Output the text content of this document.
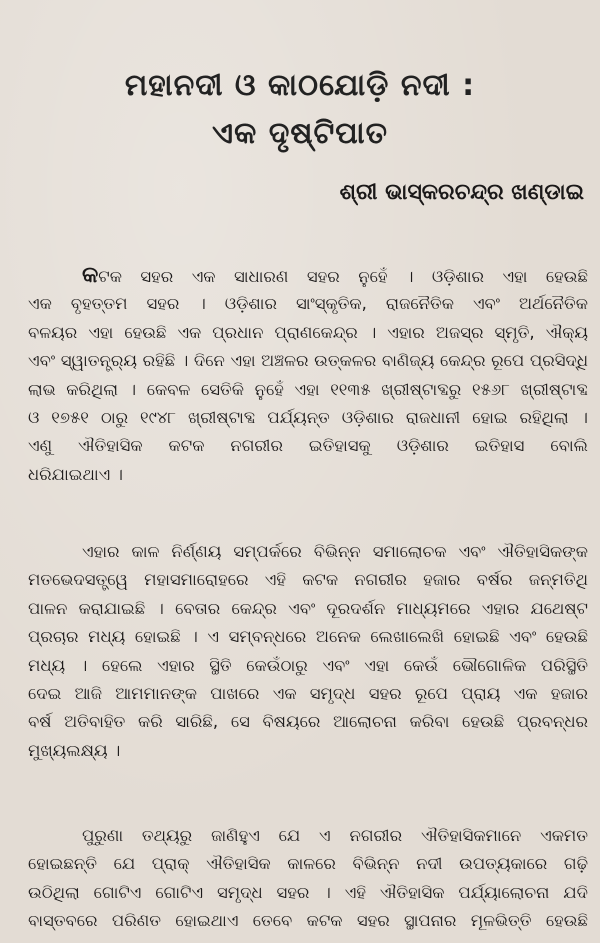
ମହାନଦୀ ଓ କାଠଯୋଡ଼ି ନଦୀ :
ଏକ ଦୃଷ୍ଟିପାତ
ଶ୍ରୀ ଭାସ୍କରଚନ୍ଦ୍ର ଖଣ୍ଡାଇ
କଟକ ସହର ଏକ ସାଧାରଣ ସହର ନୁହେଁ । ଓଡ଼ିଶାର ଏହା ହେଉଛି
ଏକ ବୃହତ୍ତମ ସହର । ଓଡ଼ିଶାର ସାଂସ୍କୃତିକ, ରାଜନୈତିକ ଏବଂ ଅର୍ଥନୈତିକ
ବଳୟର ଏହା ହେଉଛି ଏକ ପ୍ରଧାନ ପ୍ରାଣକେନ୍ଦ୍ର । ଏହାର ଅଜସ୍ର ସ୍ମୃତି, ଐକ୍ୟ
ଏବଂ ସ୍ୱାତନ୍ତ୍ର୍ୟ ରହିଛି । ଦିନେ ଏହା ଅଞ୍ଚଳର ଉତ୍କଳର ବାଣିଜ୍ୟ କେନ୍ଦ୍ର ରୂପେ ପ୍ରସିଦ୍ଧି
ଲାଭ କରିଥିଲା । କେବଳ ସେତିକି ନୁହେଁ ଏହା ୧୧୩୫ ଖ୍ରୀଷ୍ଟାବ୍ଦରୁ ୧୫୬୮ ଖ୍ରୀଷ୍ଟାବ୍ଦ
ଓ ୧୭୫୧ ଠାରୁ ୧୯୪୮ ଖ୍ରୀଷ୍ଟାବ୍ଦ ପର୍ଯ୍ୟନ୍ତ ଓଡ଼ିଶାର ରାଜଧାନୀ ହୋଇ ରହିଥିଲା ।
ଏଣୁ ଐତିହାସିକ କଟକ ନଗରୀର ଇତିହାସକୁ ଓଡ଼ିଶାର ଇତିହାସ ବୋଲି
ଧରିଯାଇଥାଏ ।
ଏହାର କାଳ ନିର୍ଣ୍ଣୟ ସମ୍ପର୍କରେ ବିଭିନ୍ନ ସମାଲୋଚକ ଏବଂ ଐତିହାସିକଙ୍କ
ମତଭେଦସତ୍ତ୍ୱେ ମହାସମାରୋହରେ ଏହି କଟକ ନଗରୀର ହଜାର ବର୍ଷର ଜନ୍ମତିଥି
ପାଳନ କରାଯାଇଛି । ବେତାର କେନ୍ଦ୍ର ଏବଂ ଦୂରଦର୍ଶନ ମାଧ୍ୟମରେ ଏହାର ଯଥେଷ୍ଟ
ପ୍ରଚାର ମଧ୍ୟ ହୋଇଛି । ଏ ସମ୍ବନ୍ଧରେ ଅନେକ ଲେଖାଲେଖି ହୋଇଛି ଏବଂ ହେଉଛି
ମଧ୍ୟ । ହେଲେ ଏହାର ସ୍ଥିତି କେଉଁଠାରୁ ଏବଂ ଏହା କେଉଁ ଭୌଗୋଳିକ ପରିସ୍ଥିତି
ଦେଇ ଆଜି ଆମମାନଙ୍କ ପାଖରେ ଏକ ସମୃଦ୍ଧ ସହର ରୂପେ ପ୍ରାୟ ଏକ ହଜାର
ବର୍ଷ ଅତିବାହିତ କରି ସାରିଛି, ସେ ବିଷୟରେ ଆଲୋଚନା କରିବା ହେଉଛି ପ୍ରବନ୍ଧର
ମୁଖ୍ୟଲକ୍ଷ୍ୟ ।
ପୁରୁଣା ତଥ୍ୟରୁ ଜାଣିହୁଏ ଯେ ଏ ନଗରୀର ଐତିହାସିକମାନେ ଏକମତ
ହୋଇଛନ୍ତି ଯେ ପ୍ରାକ୍ ଐତିହାସିକ କାଳରେ ବିଭିନ୍ନ ନଦୀ ଉପତ୍ୟକାରେ ଗଢ଼ି
ଉଠିଥିଲା ଗୋଟିଏ ଗୋଟିଏ ସମୃଦ୍ଧ ସହର । ଏହି ଐତିହାସିକ ପର୍ଯ୍ୟାଲୋଚନା ଯଦି
ବାସ୍ତବରେ ପରିଣତ ହୋଇଥାଏ ତେବେ କଟକ ସହର ସ୍ଥାପନାର ମୂଳଭିତ୍ତି ହେଉଛି
